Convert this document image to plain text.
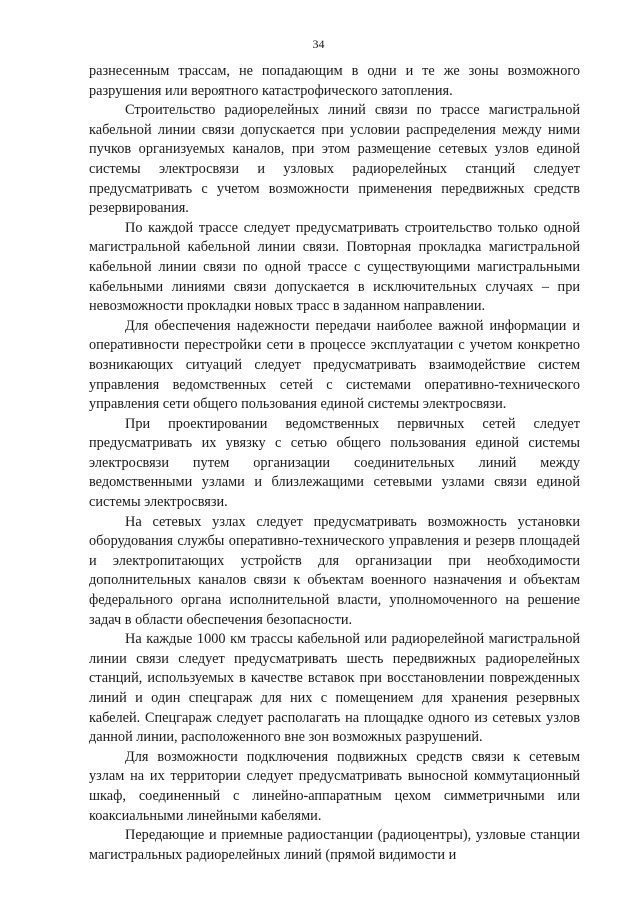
34

разнесенным трассам, не попадающим в одни и те же зоны возможного разрушения или вероятного катастрофического затопления.

Строительство радиорелейных линий связи по трассе магистральной кабельной линии связи допускается при условии распределения между ними пучков организуемых каналов, при этом размещение сетевых узлов единой системы электросвязи и узловых радиорелейных станций следует предусматривать с учетом возможности применения передвижных средств резервирования.

По каждой трассе следует предусматривать строительство только одной магистральной кабельной линии связи. Повторная прокладка магистральной кабельной линии связи по одной трассе с существующими магистральными кабельными линиями связи допускается в исключительных случаях – при невозможности прокладки новых трасс в заданном направлении.

Для обеспечения надежности передачи наиболее важной информации и оперативности перестройки сети в процессе эксплуатации с учетом конкретно возникающих ситуаций следует предусматривать взаимодействие систем управления ведомственных сетей с системами оперативно-технического управления сети общего пользования единой системы электросвязи.

При проектировании ведомственных первичных сетей следует предусматривать их увязку с сетью общего пользования единой системы электросвязи путем организации соединительных линий между ведомственными узлами и близлежащими сетевыми узлами связи единой системы электросвязи.

На сетевых узлах следует предусматривать возможность установки оборудования службы оперативно-технического управления и резерв площадей и электропитающих устройств для организации при необходимости дополнительных каналов связи к объектам военного назначения и объектам федерального органа исполнительной власти, уполномоченного на решение задач в области обеспечения безопасности.

На каждые 1000 км трассы кабельной или радиорелейной магистральной линии связи следует предусматривать шесть передвижных радиорелейных станций, используемых в качестве вставок при восстановлении поврежденных линий и один спецгараж для них с помещением для хранения резервных кабелей. Спецгараж следует располагать на площадке одного из сетевых узлов данной линии, расположенного вне зон возможных разрушений.

Для возможности подключения подвижных средств связи к сетевым узлам на их территории следует предусматривать выносной коммутационный шкаф, соединенный с линейно-аппаратным цехом симметричными или коаксиальными линейными кабелями.

Передающие и приемные радиостанции (радиоцентры), узловые станции магистральных радиорелейных линий (прямой видимости и
